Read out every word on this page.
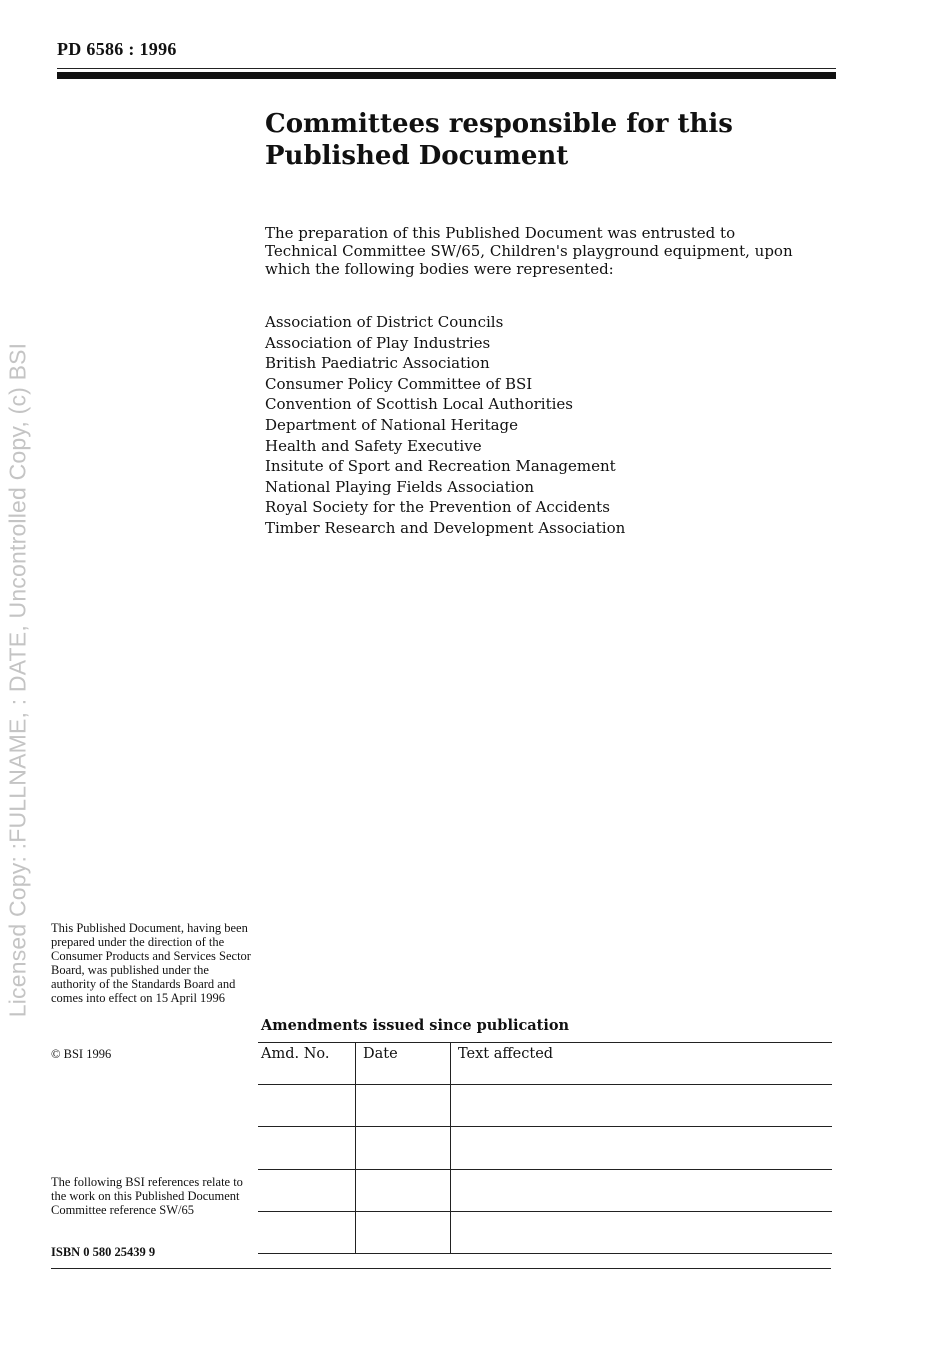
PD 6586 : 1996
Committees responsible for this Published Document
The preparation of this Published Document was entrusted to Technical Committee SW/65, Children's playground equipment, upon which the following bodies were represented:
Association of District Councils
Association of Play Industries
British Paediatric Association
Consumer Policy Committee of BSI
Convention of Scottish Local Authorities
Department of National Heritage
Health and Safety Executive
Insitute of Sport and Recreation Management
National Playing Fields Association
Royal Society for the Prevention of Accidents
Timber Research and Development Association
Licensed Copy: :FULLNAME, : DATE, Uncontrolled Copy, (c) BSI This Published Document, having been prepared under the direction of the Consumer Products and Services Sector Board, was published under the authority of the Standards Board and comes into effect on 15 April 1996
© BSI 1996
The following BSI references relate to the work on this Published Document Committee reference SW/65
ISBN 0 580 25439 9
Amendments issued since publication
Amd. No. Date	Text affected
